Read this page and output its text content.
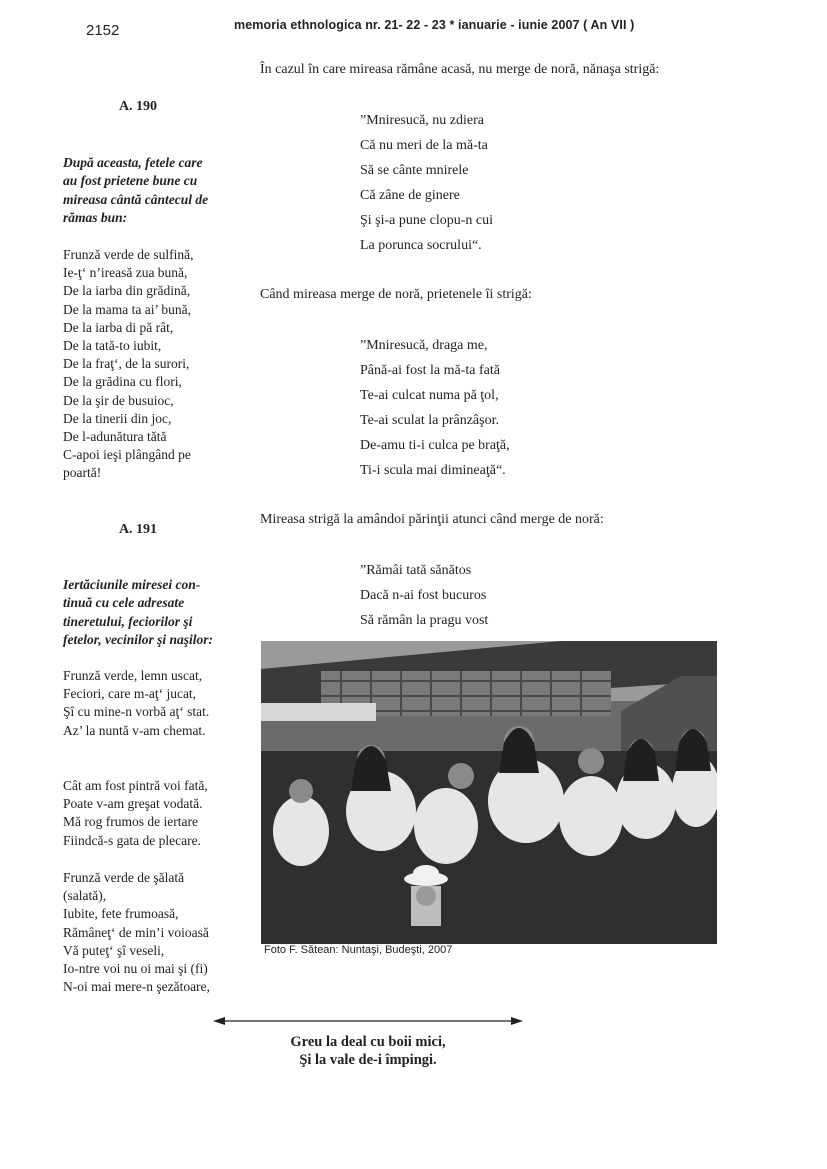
2152	memoria ethnologica nr. 21- 22 - 23 * ianuarie - iunie 2007 ( An VII )
A. 190
După aceasta, fetele care
au fost prietene bune cu
mireasa cântă cântecul de
rămas bun:
Frunză verde de sulfină,
Ie-ţ‘ n’ireasă zua bună,
De la iarba din grădină,
De la mama ta ai’ bună,
De la iarba di pă rât,
De la tată-to iubit,
De la fraţ‘, de la surori,
De la grădina cu flori,
De la şir de busuioc,
De la tinerii din joc,
De l-adunătura tătă
C-apoi ieşi plângând pe
poartă!
A. 191
Iertăciunile miresei con-
tinuă cu cele adresate
tineretului, feciorilor şi
fetelor, vecinilor şi naşilor:
Frunză verde, lemn uscat,
Feciori, care m-aţ‘ jucat,
Şî cu mine-n vorbă aţ‘ stat.
Az’ la nuntă v-am chemat.
Cât am fost pintră voi fată,
Poate v-am greşat vodată.
Mă rog frumos de iertare
Fiindcă-s gata de plecare.
Frunză verde de şălată
(salată),
Iubite, fete frumoasă,
Rămâneţ‘ de min’i voioasă
Vă puteţ‘ şî veseli,
Io-ntre voi nu oi mai şi (fi)
N-oi mai mere-n şezătoare,
În cazul în care mireasa rămâne acasă, nu merge de noră, nănaşa strigă:
”Mniresucă, nu zdiera
Că nu meri de la mă-ta
Să se cânte mnirele
Că zâne de ginere
Şi şi-a pune clopu-n cui
La porunca socrului“.
Când mireasa merge de noră, prietenele îi strigă:
”Mniresucă, draga me,
Până-ai fost la mă-ta fată
Te-ai culcat numa pă ţol,
Te-ai sculat la prânzâşor.
De-amu ti-i culca pe braţă,
Ti-i scula mai dimineaţă“.
Mireasa strigă la amândoi părinţii atunci când merge de noră:
”Rămâi tată sănătos
Dacă n-ai fost bucuros
Să rămân la pragu vost
Foto F. Sătean: Nuntaşi, Budeşti, 2007
Greu la deal cu boii mici,
Şi la vale de-i împingi.
